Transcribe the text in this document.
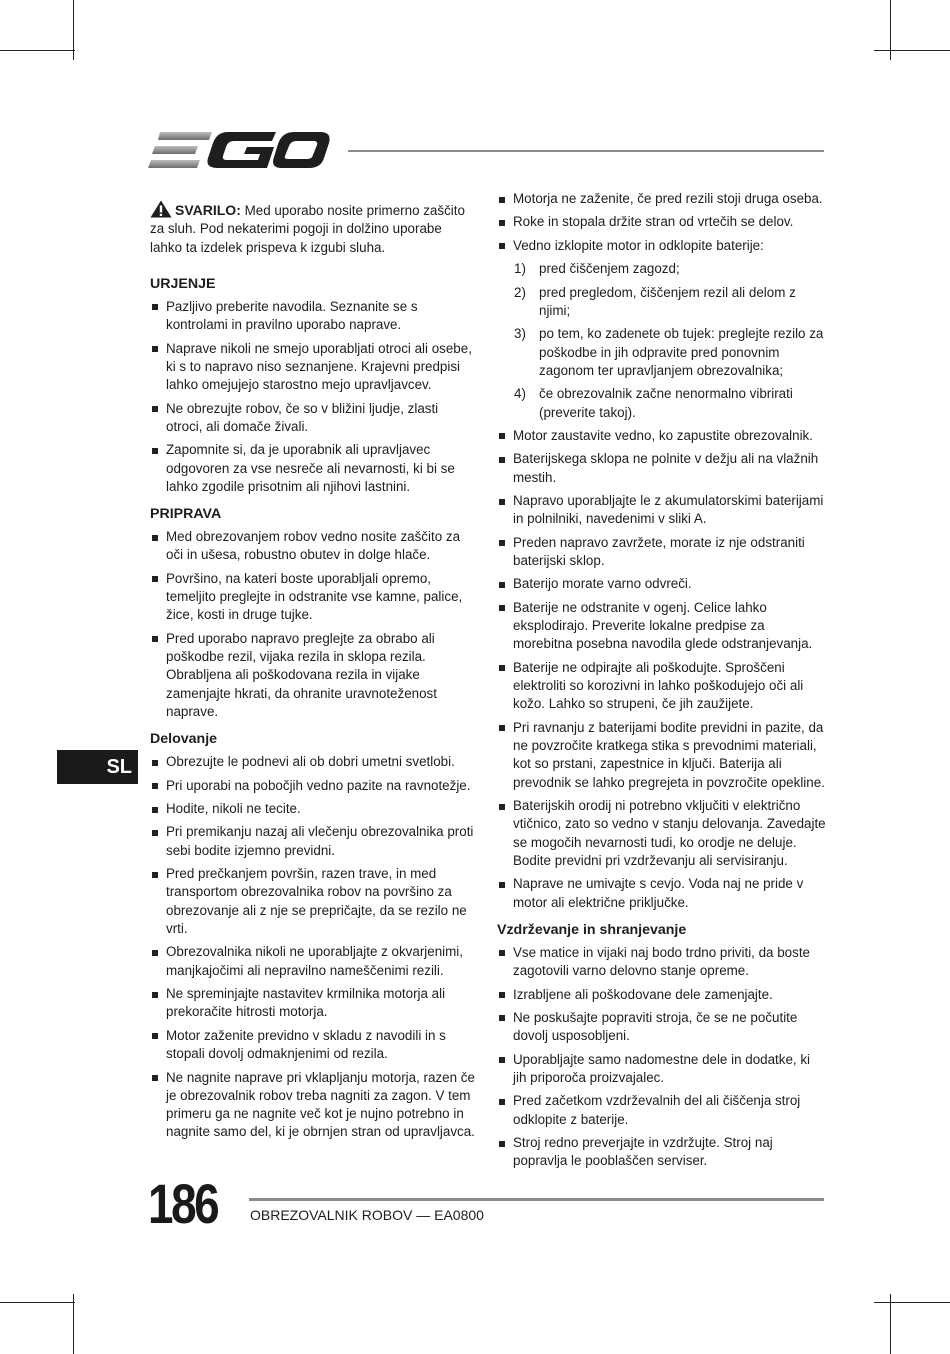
SVARILO: Med uporabo nosite primerno zaščito za sluh. Pod nekaterimi pogoji in dolžino uporabe lahko ta izdelek prispeva k izgubi sluha.
URJENJE
Pazljivo preberite navodila. Seznanite se s kontrolami in pravilno uporabo naprave.
Naprave nikoli ne smejo uporabljati otroci ali osebe, ki s to napravo niso seznanjene. Krajevni predpisi lahko omejujejo starostno mejo upravljavcev.
Ne obrezujte robov, če so v bližini ljudje, zlasti otroci, ali domače živali.
Zapomnite si, da je uporabnik ali upravljavec odgovoren za vse nesreče ali nevarnosti, ki bi se lahko zgodile prisotnim ali njihovi lastnini.
PRIPRAVA
Med obrezovanjem robov vedno nosite zaščito za oči in ušesa, robustno obutev in dolge hlače.
Površino, na kateri boste uporabljali opremo, temeljito preglejte in odstranite vse kamne, palice, žice, kosti in druge tujke.
Pred uporabo napravo preglejte za obrabo ali poškodbe rezil, vijaka rezila in sklopa rezila. Obrabljena ali poškodovana rezila in vijake zamenjajte hkrati, da ohranite uravnoteženost naprave.
Delovanje
Obrezujte le podnevi ali ob dobri umetni svetlobi.
Pri uporabi na pobočjih vedno pazite na ravnotežje.
Hodite, nikoli ne tecite.
Pri premikanju nazaj ali vlečenju obrezovalnika proti sebi bodite izjemno previdni.
Pred prečkanjem površin, razen trave, in med transportom obrezovalnika robov na površino za obrezovanje ali z nje se prepričajte, da se rezilo ne vrti.
Obrezovalnika nikoli ne uporabljajte z okvarjenimi, manjkajočimi ali nepravilno nameščenimi rezili.
Ne spreminjajte nastavitev krmilnika motorja ali prekoračite hitrosti motorja.
Motor zaženite previdno v skladu z navodili in s stopali dovolj odmaknjenimi od rezila.
Ne nagnite naprave pri vklapljanju motorja, razen če je obrezovalnik robov treba nagniti za zagon. V tem primeru ga ne nagnite več kot je nujno potrebno in nagnite samo del, ki je obrnjen stran od upravljavca.
Motorja ne zaženite, če pred rezili stoji druga oseba.
Roke in stopala držite stran od vrtečih se delov.
Vedno izklopite motor in odklopite baterije:
1) pred čiščenjem zagozd;
2) pred pregledom, čiščenjem rezil ali delom z njimi;
3) po tem, ko zadenete ob tujek: preglejte rezilo za poškodbe in jih odpravite pred ponovnim zagonom ter upravljanjem obrezovalnika;
4) če obrezovalnik začne nenormalno vibrirati (preverite takoj).
Motor zaustavite vedno, ko zapustite obrezovalnik.
Baterijskega sklopa ne polnite v dežju ali na vlažnih mestih.
Napravo uporabljajte le z akumulatorskimi baterijami in polnilniki, navedenimi v sliki A.
Preden napravo zavržete, morate iz nje odstraniti baterijski sklop.
Baterijo morate varno odvreči.
Baterije ne odstranite v ogenj. Celice lahko eksplodirajo. Preverite lokalne predpise za morebitna posebna navodila glede odstranjevanja.
Baterije ne odpirajte ali poškodujte. Sproščeni elektroliti so korozivni in lahko poškodujejo oči ali kožo. Lahko so strupeni, če jih zaužijete.
Pri ravnanju z baterijami bodite previdni in pazite, da ne povzročite kratkega stika s prevodnimi materiali, kot so prstani, zapestnice in ključi. Baterija ali prevodnik se lahko pregrejeta in povzročite opekline.
Baterijskih orodij ni potrebno vključiti v električno vtičnico, zato so vedno v stanju delovanja. Zavedajte se mogočih nevarnosti tudi, ko orodje ne deluje. Bodite previdni pri vzdrževanju ali servisiranju.
Naprave ne umivajte s cevjo. Voda naj ne pride v motor ali električne priključke.
Vzdrževanje in shranjevanje
Vse matice in vijaki naj bodo trdno priviti, da boste zagotovili varno delovno stanje opreme.
Izrabljene ali poškodovane dele zamenjajte.
Ne poskušajte popraviti stroja, če se ne počutite dovolj usposobljeni.
Uporabljajte samo nadomestne dele in dodatke, ki jih priporoča proizvajalec.
Pred začetkom vzdrževalnih del ali čiščenja stroj odklopite z baterije.
Stroj redno preverjajte in vzdržujte. Stroj naj popravlja le pooblaščen serviser.
SL
186 OBREZOVALNIK ROBOV — EA0800
